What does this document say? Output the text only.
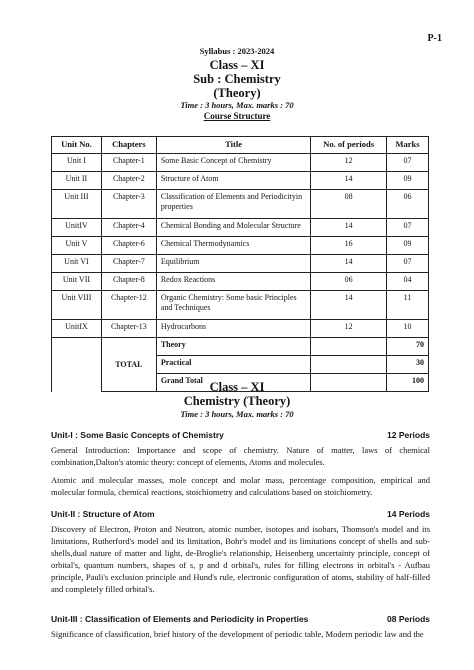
P-1
Syllabus : 2023-2024
Class – XI
Sub : Chemistry
(Theory)
Time : 3 hours, Max. marks : 70
Course Structure
Unit No.	Chapters	Title	No. of periods	Marks
Unit I	Chapter-1	Some Basic Concept of Chemistry	12	07
Unit II	Chapter-2	Structure of Atom	14	09
Unit III	Chapter-3	Classification of Elements and Periodicityin properties	08	06
UnitIV	Chapter-4	Chemical Bonding and Molecular Structure	14	07
Unit V	Chapter-6	Chemical Thermodynamics	16	09
Unit VI	Chapter-7	Equilibrium	14	07
Unit VII	Chapter-8	Redox Reactions	06	04
Unit VIII	Chapter-12	Organic Chemistry: Some basic Principles and Techniques	14	11
UnitIX	Chapter-13	Hydrocarbons	12	10
	TOTAL	Theory		70
		Practical		30
		Grand Total		100
Class – XI
Chemistry (Theory)
Time : 3 hours, Max. marks : 70
Unit-I : Some Basic Concepts of Chemistry	12 Periods

General Introduction: Importance and scope of chemistry. Nature of matter, laws of chemical combination,Dalton's atomic theory: concept of elements, Atoms and molecules.

Atomic and molecular masses, mole concept and molar mass, percentage composition, empirical and molecular formula, chemical reactions, stoichiometry and calculations based on stoichiometry.

Unit-II : Structure of Atom	14 Periods

Discovery of Electron, Proton and Neutron, atomic number, isotopes and isobars, Thomson's model and its limitations, Rutherford's model and its limitation, Bohr's model and its limitations concept of shells and sub-shells,dual nature of matter and light, de-Broglie's relationship, Heisenberg uncertainty principle, concept of orbital's, quantum numbers, shapes of s, p and d orbital's, rules for filling electrons in orbital's - Aufbau principle, Pauli's exclusion principle and Hund's rule, electronic configuration of atoms, stability of half-filled and completely filled orbital's.

Unit-III : Classification of Elements and Periodicity in Properties	08 Periods

Significance of classification, brief history of the development of periodic table, Modern periodic law and the
